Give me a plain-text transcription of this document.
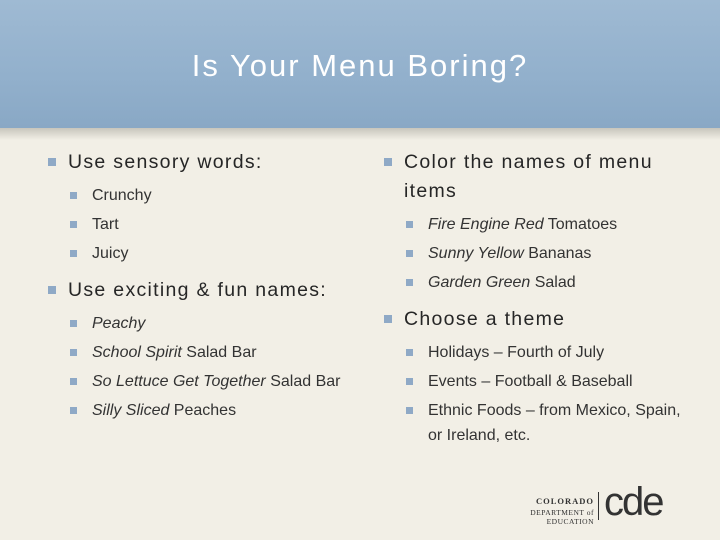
Is Your Menu Boring?
Use sensory words:
Crunchy
Tart
Juicy
Use exciting & fun names:
Peachy
School Spirit Salad Bar
So Lettuce Get Together Salad Bar
Silly Sliced Peaches
Color the names of menu items
Fire Engine Red Tomatoes
Sunny Yellow Bananas
Garden Green Salad
Choose a theme
Holidays – Fourth of July
Events – Football & Baseball
Ethnic Foods – from Mexico, Spain, or Ireland, etc.
COLORADO
DEPARTMENT of EDUCATION cde
